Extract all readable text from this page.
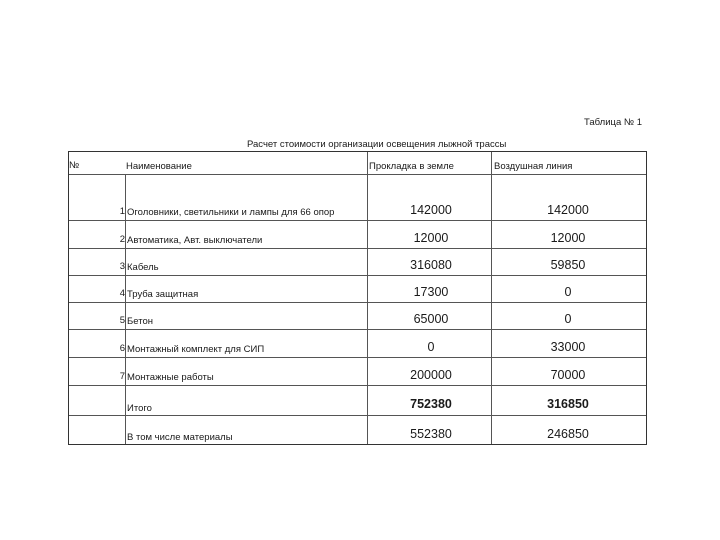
Таблица № 1
Расчет стоимости организации освещения лыжной трассы
№	Наименование	Прокладка в земле	Воздушная линия
1 Оголовники, светильники и лампы для 66 опор	142000	142000
2 Автоматика, Авт. выключатели	12000	12000
3 Кабель	316080	59850
4 Труба защитная	17300	0
5 Бетон	65000	0
6 Монтажный комплект для СИП	0	33000
7 Монтажные работы	200000	70000
Итого	752380	316850
В том числе материалы	552380	246850
